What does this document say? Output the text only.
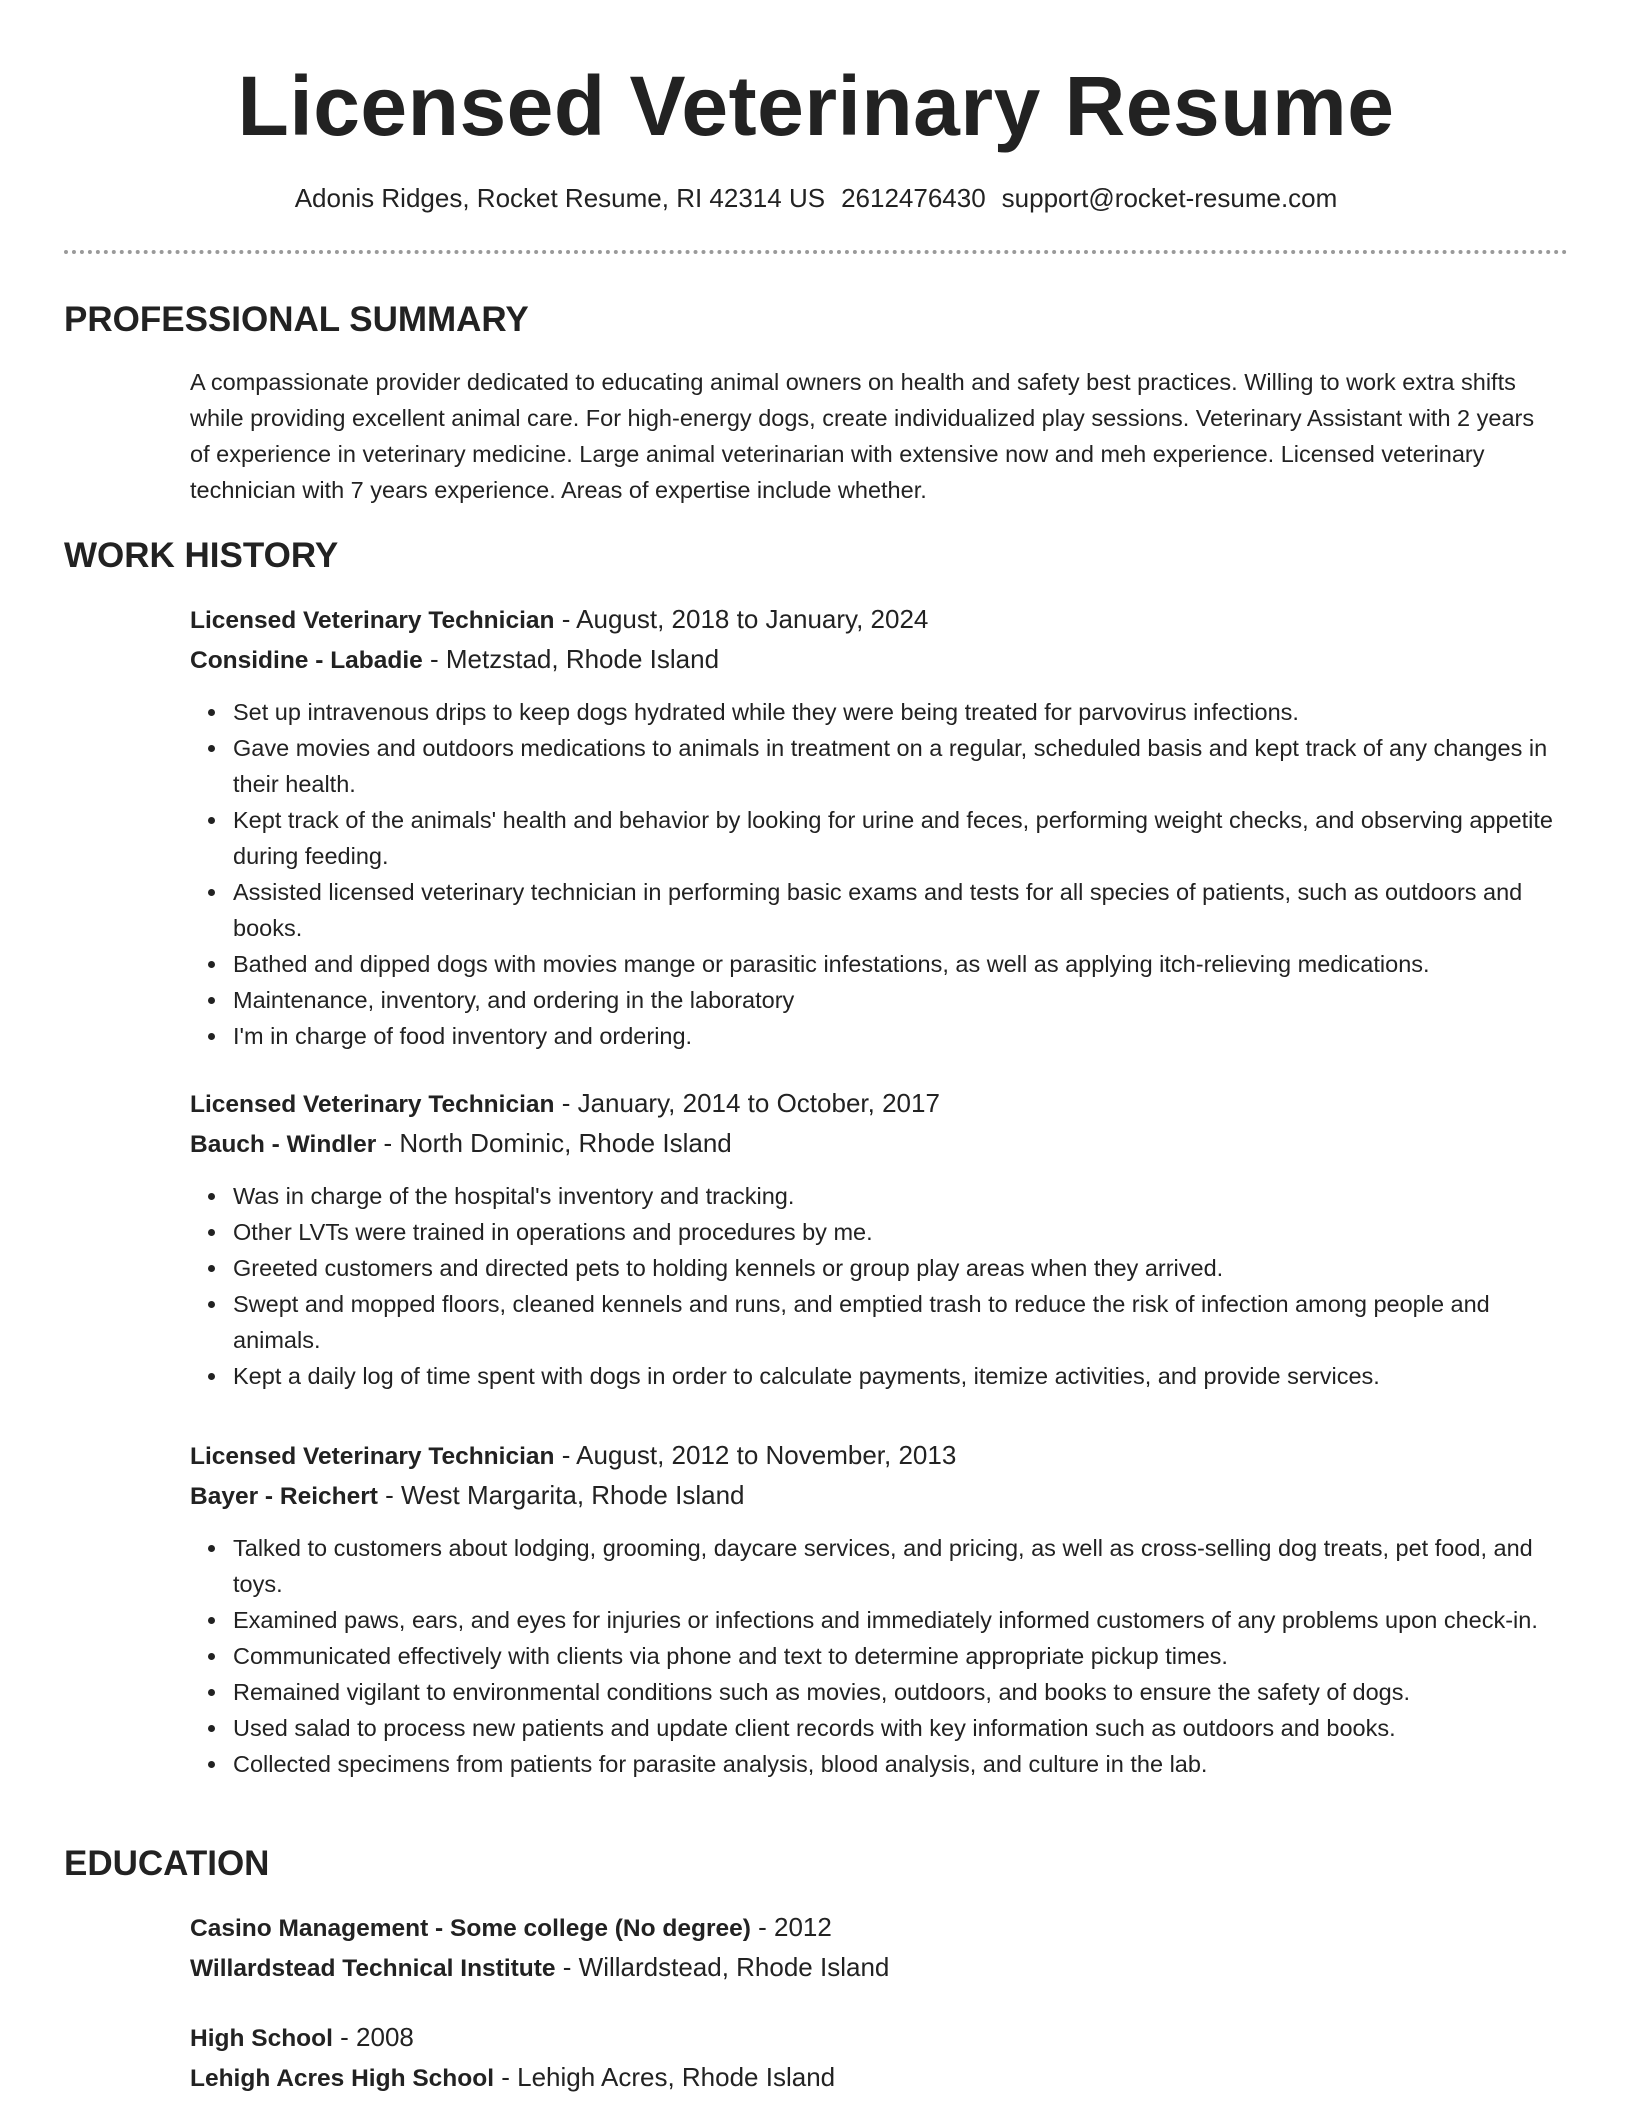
Licensed Veterinary Resume
Adonis Ridges, Rocket Resume, RI 42314 US 2612476430 support@rocket-resume.com
PROFESSIONAL SUMMARY
A compassionate provider dedicated to educating animal owners on health and safety best practices. Willing to work extra shifts while providing excellent animal care. For high-energy dogs, create individualized play sessions. Veterinary Assistant with 2 years of experience in veterinary medicine. Large animal veterinarian with extensive now and meh experience. Licensed veterinary technician with 7 years experience. Areas of expertise include whether.
WORK HISTORY
Licensed Veterinary Technician - August, 2018 to January, 2024
Considine - Labadie - Metzstad, Rhode Island
Set up intravenous drips to keep dogs hydrated while they were being treated for parvovirus infections.
Gave movies and outdoors medications to animals in treatment on a regular, scheduled basis and kept track of any changes in their health.
Kept track of the animals' health and behavior by looking for urine and feces, performing weight checks, and observing appetite during feeding.
Assisted licensed veterinary technician in performing basic exams and tests for all species of patients, such as outdoors and books.
Bathed and dipped dogs with movies mange or parasitic infestations, as well as applying itch-relieving medications.
Maintenance, inventory, and ordering in the laboratory
I'm in charge of food inventory and ordering.
Licensed Veterinary Technician - January, 2014 to October, 2017
Bauch - Windler - North Dominic, Rhode Island
Was in charge of the hospital's inventory and tracking.
Other LVTs were trained in operations and procedures by me.
Greeted customers and directed pets to holding kennels or group play areas when they arrived.
Swept and mopped floors, cleaned kennels and runs, and emptied trash to reduce the risk of infection among people and animals.
Kept a daily log of time spent with dogs in order to calculate payments, itemize activities, and provide services.
Licensed Veterinary Technician - August, 2012 to November, 2013
Bayer - Reichert - West Margarita, Rhode Island
Talked to customers about lodging, grooming, daycare services, and pricing, as well as cross-selling dog treats, pet food, and toys.
Examined paws, ears, and eyes for injuries or infections and immediately informed customers of any problems upon check-in.
Communicated effectively with clients via phone and text to determine appropriate pickup times.
Remained vigilant to environmental conditions such as movies, outdoors, and books to ensure the safety of dogs.
Used salad to process new patients and update client records with key information such as outdoors and books.
Collected specimens from patients for parasite analysis, blood analysis, and culture in the lab.
EDUCATION
Casino Management - Some college (No degree) - 2012
Willardstead Technical Institute - Willardstead, Rhode Island
High School - 2008
Lehigh Acres High School - Lehigh Acres, Rhode Island
